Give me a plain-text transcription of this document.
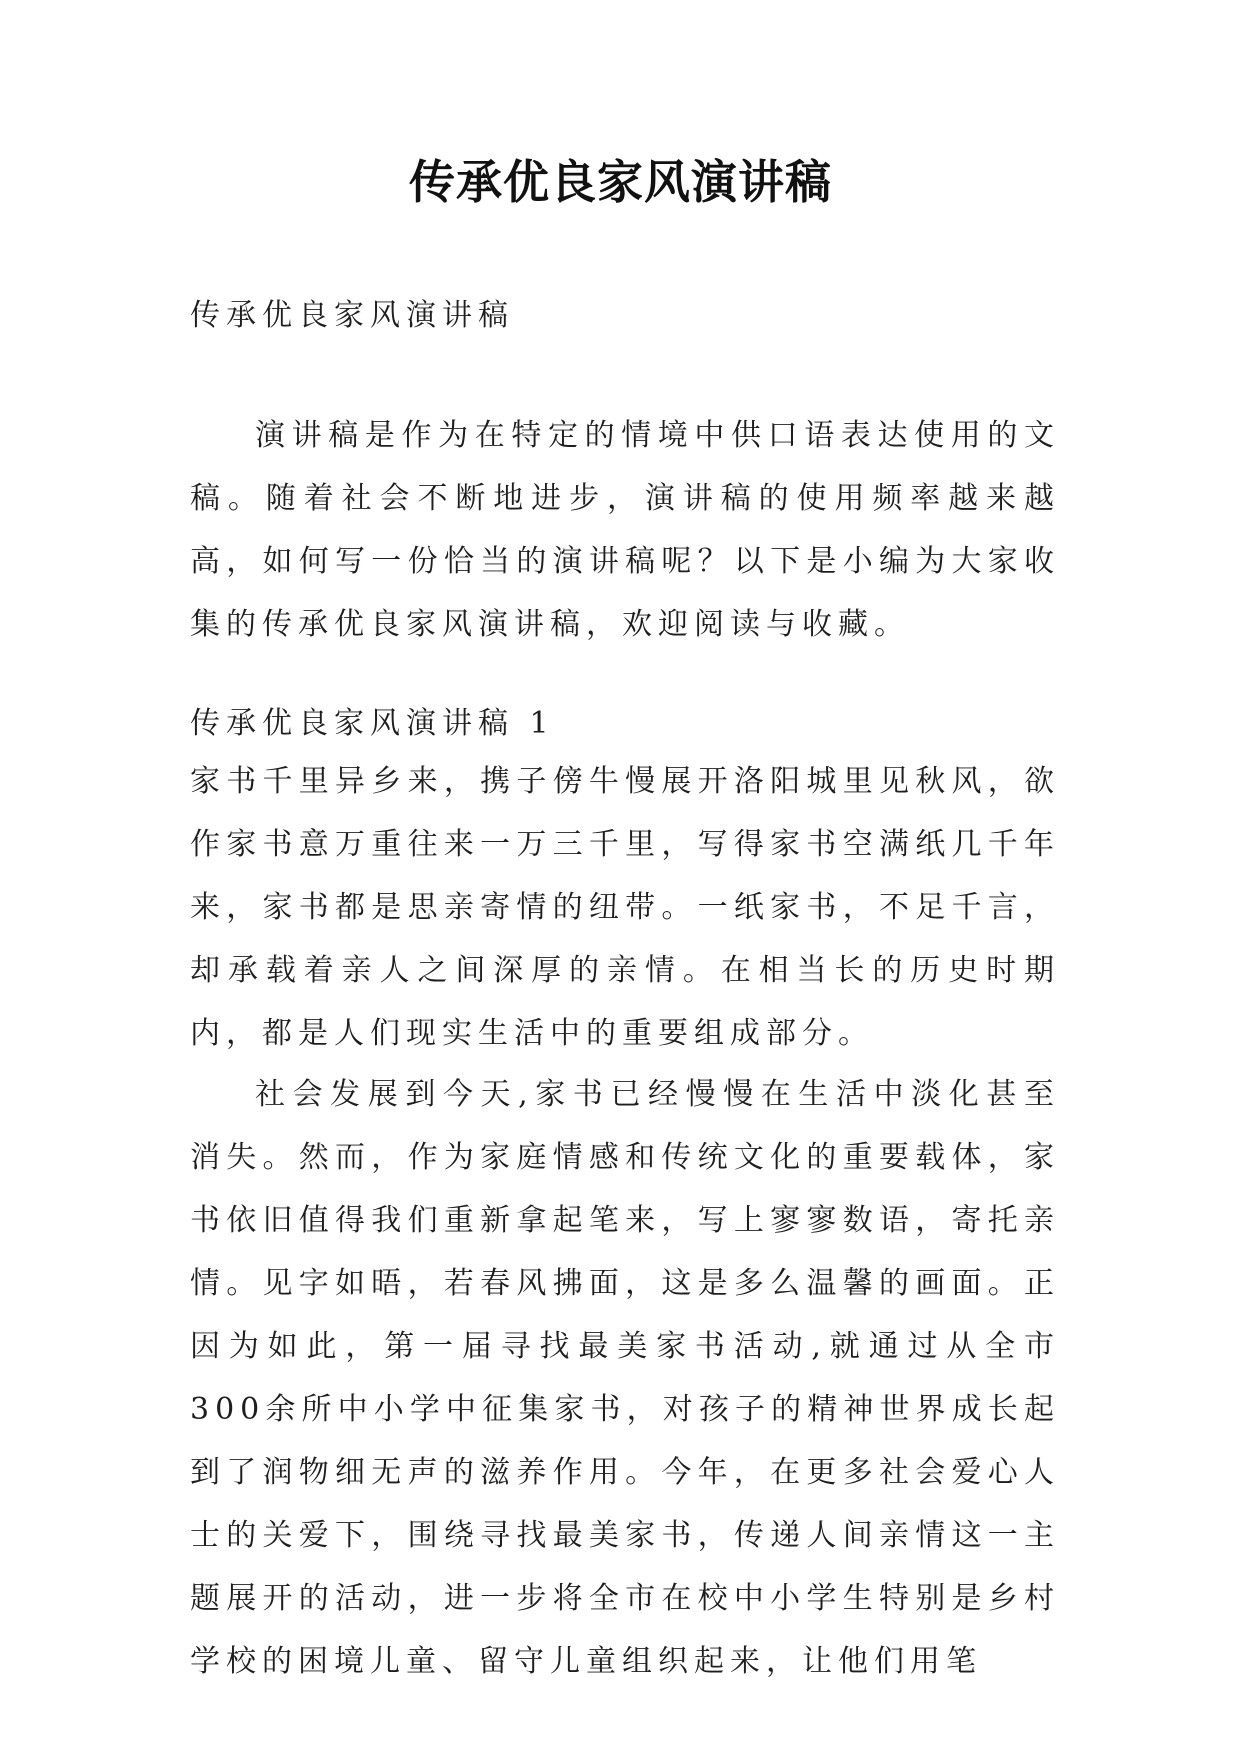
传承优良家风演讲稿
传承优良家风演讲稿
演讲稿是作为在特定的情境中供口语表达使用的文稿。随着社会不断地进步，演讲稿的使用频率越来越高，如何写一份恰当的演讲稿呢？以下是小编为大家收集的传承优良家风演讲稿，欢迎阅读与收藏。
传承优良家风演讲稿 1
家书千里异乡来，携子傍牛慢展开洛阳城里见秋风，欲作家书意万重往来一万三千里，写得家书空满纸几千年来，家书都是思亲寄情的纽带。一纸家书，不足千言，却承载着亲人之间深厚的亲情。在相当长的历史时期内，都是人们现实生活中的重要组成部分。
社会发展到今天,家书已经慢慢在生活中淡化甚至消失。然而，作为家庭情感和传统文化的重要载体，家书依旧值得我们重新拿起笔来，写上寥寥数语，寄托亲情。见字如晤，若春风拂面，这是多么温馨的画面。正因为如此，第一届寻找最美家书活动,就通过从全市300余所中小学中征集家书，对孩子的精神世界成长起到了润物细无声的滋养作用。今年，在更多社会爱心人士的关爱下，围绕寻找最美家书，传递人间亲情这一主题展开的活动，进一步将全市在校中小学生特别是乡村学校的困境儿童、留守儿童组织起来，让他们用笔
